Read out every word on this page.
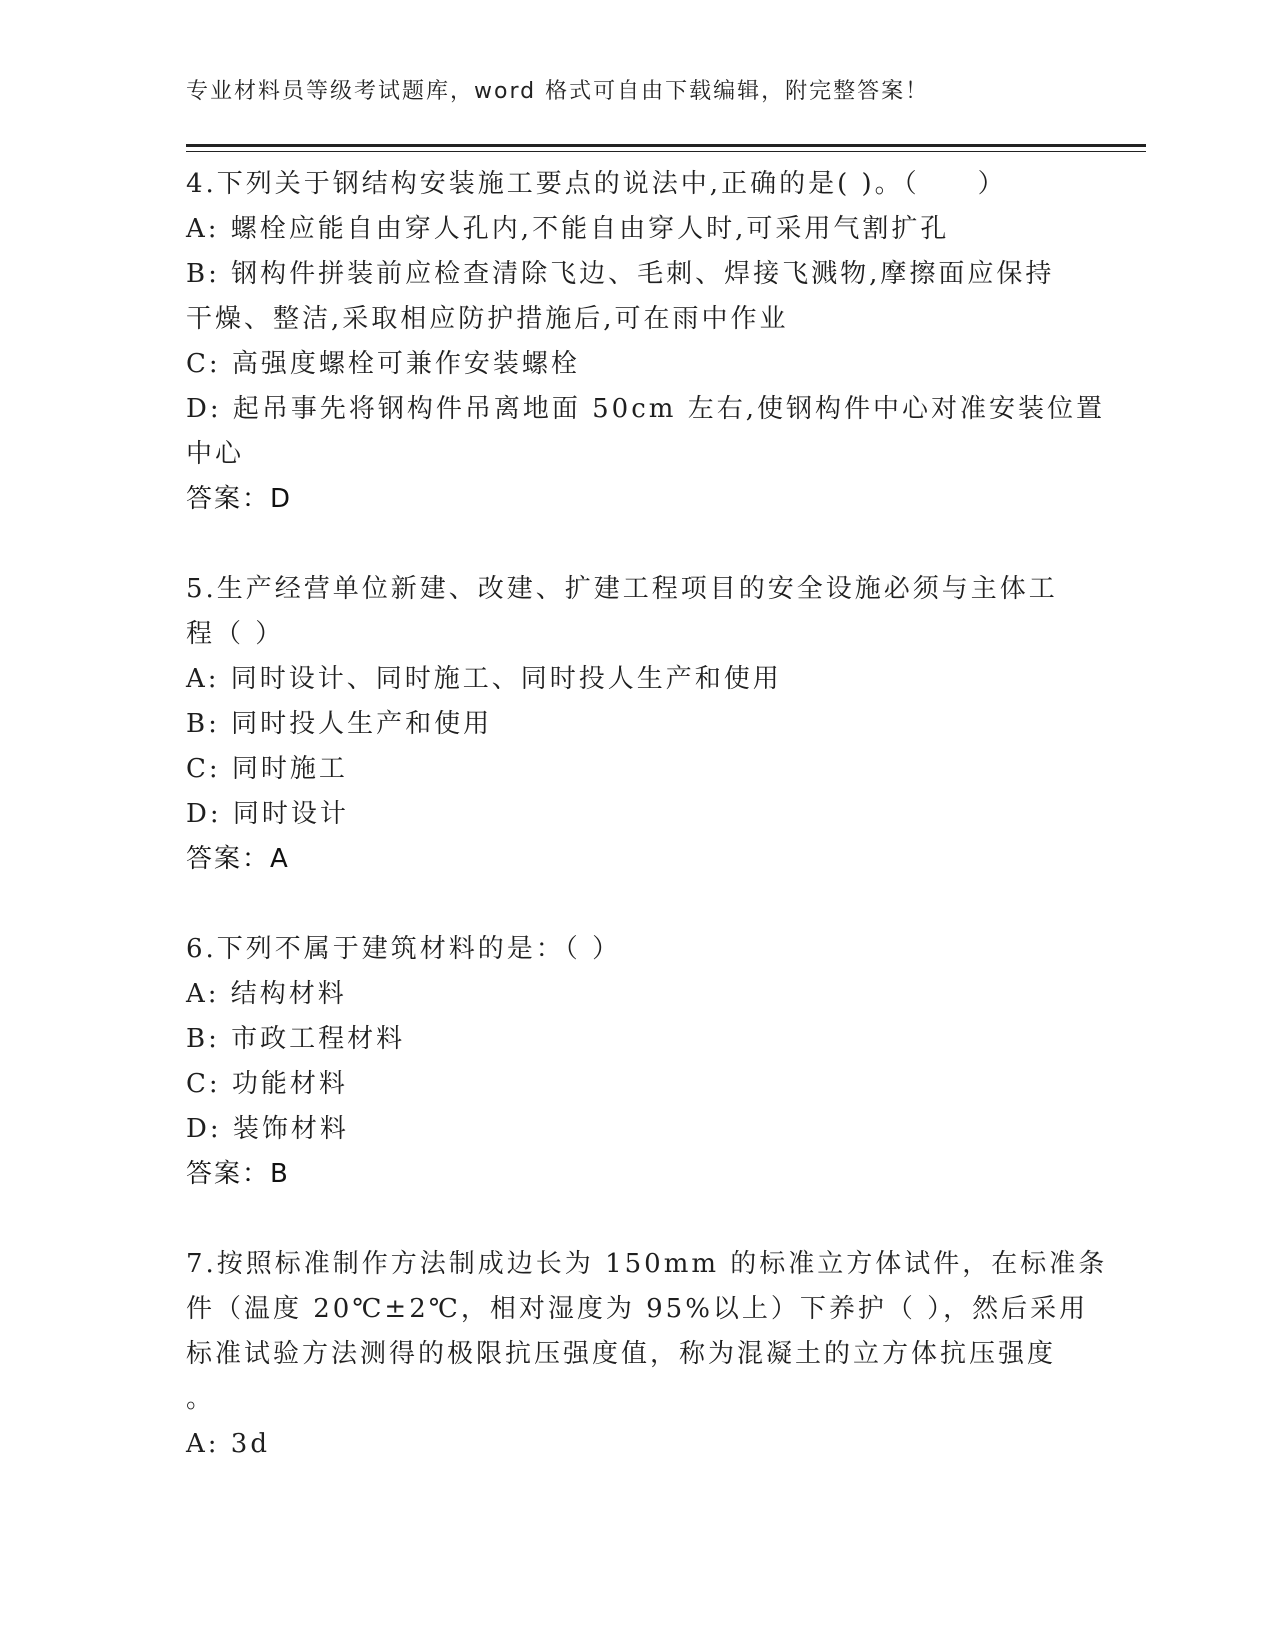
专业材料员等级考试题库，word 格式可自由下载编辑，附完整答案！
4.下列关于钢结构安装施工要点的说法中,正确的是( )。（　　）
A: 螺栓应能自由穿人孔内,不能自由穿人时,可采用气割扩孔
B: 钢构件拼装前应检查清除飞边、毛刺、焊接飞溅物,摩擦面应保持
干燥、整洁,采取相应防护措施后,可在雨中作业
C: 高强度螺栓可兼作安装螺栓
D: 起吊事先将钢构件吊离地面 50cm 左右,使钢构件中心对准安装位置
中心
答案：D
5.生产经营单位新建、改建、扩建工程项目的安全设施必须与主体工
程（ ）
A: 同时设计、同时施工、同时投人生产和使用
B: 同时投人生产和使用
C: 同时施工
D: 同时设计
答案：A
6.下列不属于建筑材料的是：（ ）
A: 结构材料
B: 市政工程材料
C: 功能材料
D: 装饰材料
答案：B
7.按照标准制作方法制成边长为 150mm 的标准立方体试件，在标准条
件（温度 20℃±2℃，相对湿度为 95%以上）下养护（ ），然后采用
标准试验方法测得的极限抗压强度值，称为混凝土的立方体抗压强度
。
A: 3d
